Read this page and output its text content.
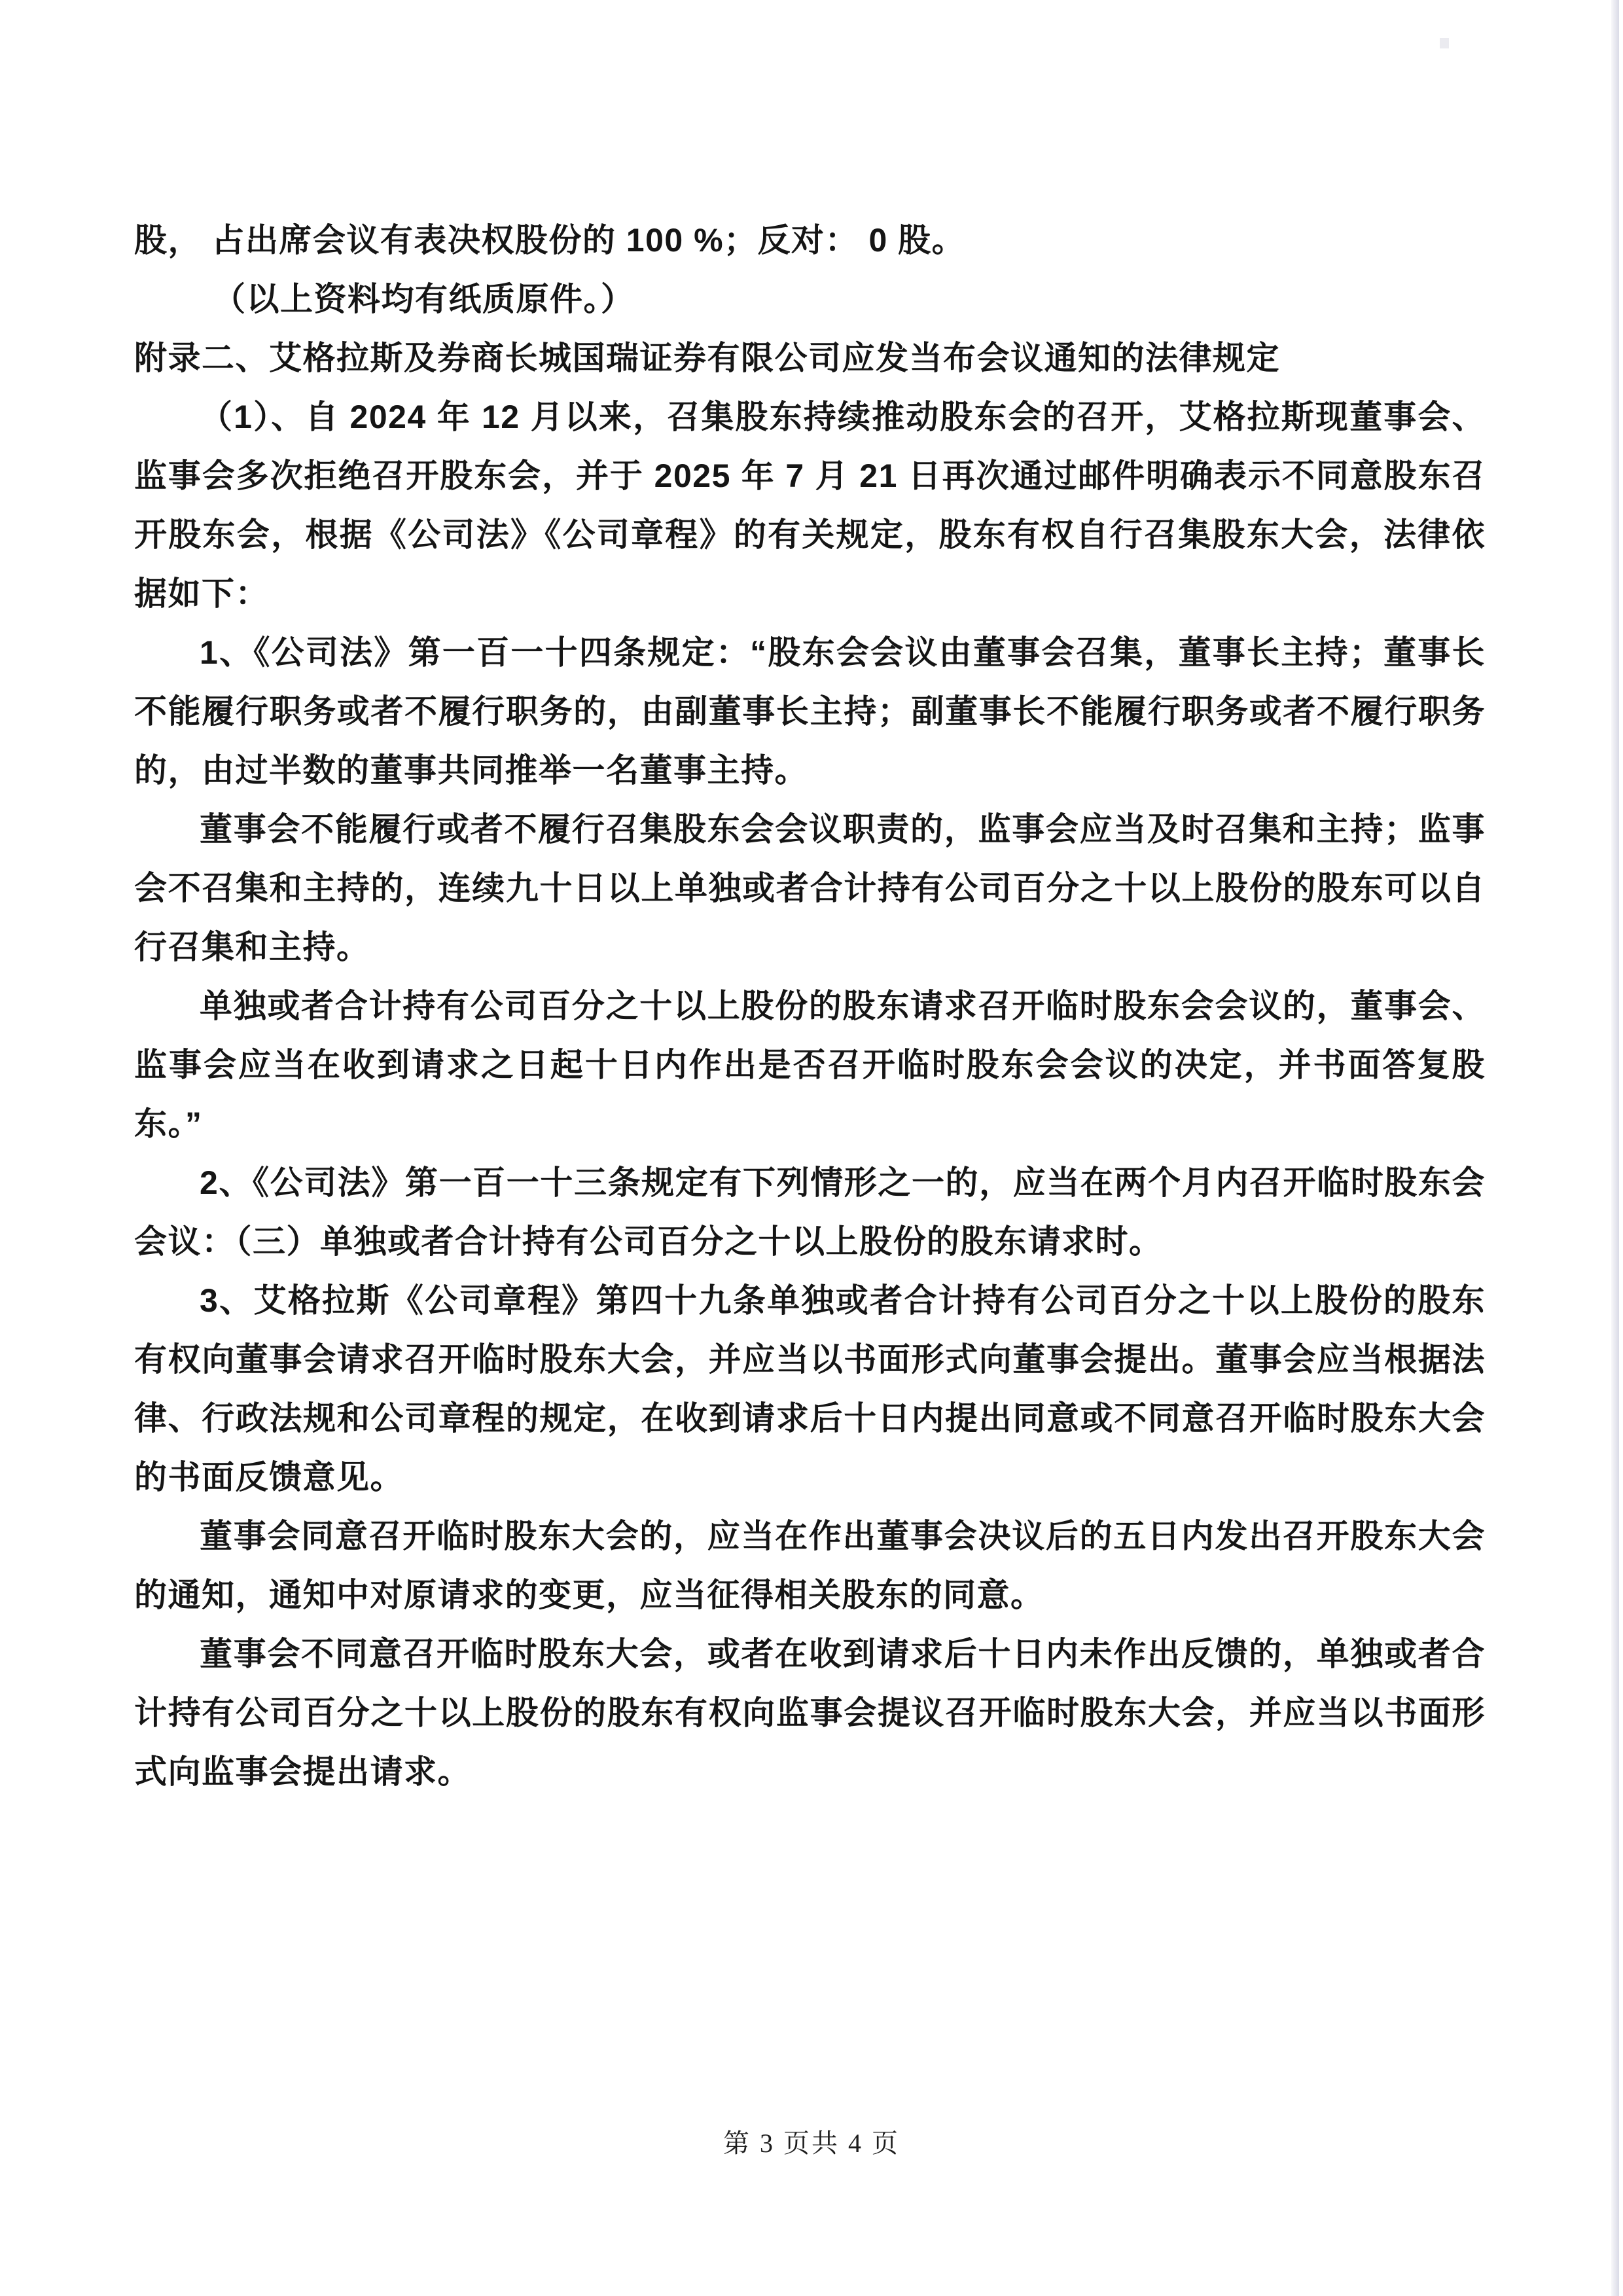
股， 占出席会议有表决权股份的 100 %；反对： 0 股。

（以上资料均有纸质原件。）

附录二、艾格拉斯及券商长城国瑞证券有限公司应发当布会议通知的法律规定

（1）、自 2024 年 12 月以来，召集股东持续推动股东会的召开，艾格拉斯现董事会、监事会多次拒绝召开股东会，并于 2025 年 7 月 21 日再次通过邮件明确表示不同意股东召开股东会，根据《公司法》《公司章程》的有关规定，股东有权自行召集股东大会，法律依据如下：

1、《公司法》第一百一十四条规定：“股东会会议由董事会召集，董事长主持；董事长不能履行职务或者不履行职务的，由副董事长主持；副董事长不能履行职务或者不履行职务的，由过半数的董事共同推举一名董事主持。

董事会不能履行或者不履行召集股东会会议职责的，监事会应当及时召集和主持；监事会不召集和主持的，连续九十日以上单独或者合计持有公司百分之十以上股份的股东可以自行召集和主持。

单独或者合计持有公司百分之十以上股份的股东请求召开临时股东会会议的，董事会、监事会应当在收到请求之日起十日内作出是否召开临时股东会会议的决定，并书面答复股东。”

2、《公司法》第一百一十三条规定有下列情形之一的，应当在两个月内召开临时股东会会议：（三）单独或者合计持有公司百分之十以上股份的股东请求时。

3、艾格拉斯《公司章程》第四十九条单独或者合计持有公司百分之十以上股份的股东有权向董事会请求召开临时股东大会，并应当以书面形式向董事会提出。董事会应当根据法律、行政法规和公司章程的规定，在收到请求后十日内提出同意或不同意召开临时股东大会的书面反馈意见。

董事会同意召开临时股东大会的，应当在作出董事会决议后的五日内发出召开股东大会的通知，通知中对原请求的变更，应当征得相关股东的同意。

董事会不同意召开临时股东大会，或者在收到请求后十日内未作出反馈的，单独或者合计持有公司百分之十以上股份的股东有权向监事会提议召开临时股东大会，并应当以书面形式向监事会提出请求。

第 3 页共 4 页
